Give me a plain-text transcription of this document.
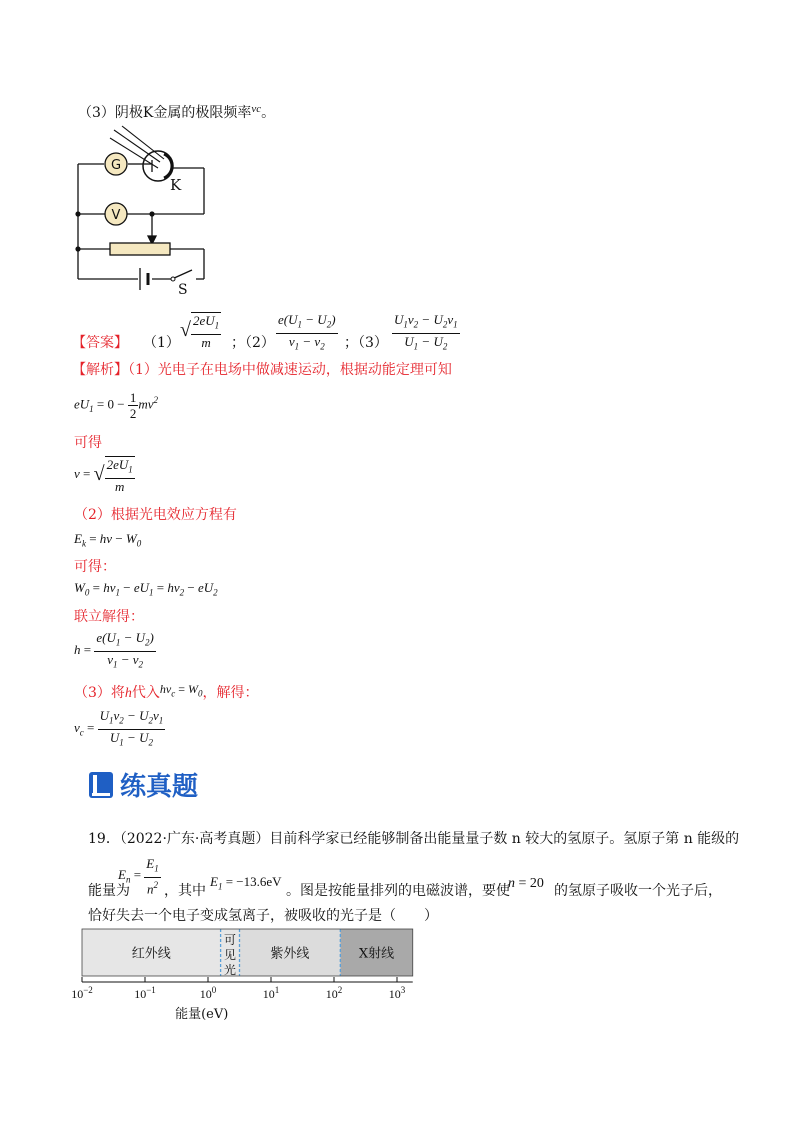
（3）阴极K金属的极限频率$^{\nu c}$。
G
V
K
S
【答案】 （1）
√ $\frac{2eU_1}{m}$ ；$(2) \frac{e(U_1 - U_2)}{\nu_1 - \nu_2}$ ；$(3) \frac{U_1\nu_2 - U_2\nu_1}{U_1 - U_2}$
【解析】（1）光电子在电场中做减速运动，根据动能定理可知
$eU_1 = 0 - \frac{1}{2} mv^2$
可得
v = √ $\frac{2eU_1}{m}$
（2）根据光电效应方程有
$E_k = h\nu - W_0$
可得：
$W_0 = h\nu_1 - eU_1 = h\nu_2 - eU_2$
联立解得：
$h = \frac{e(U_1 - U_2)}{\nu_1 - \nu_2}$
（3）将h代入$h\nu_c = W_0$，解得：
$\nu_c = \frac{U_1\nu_2 - U_2\nu_1}{U_1 - U_2}$
练真题
19．（2022·广东·高考真题）目前科学家已经能够制备出能量量子数 n 较大的氢原子。氢原子第 n 能级的
能量为
$E_n = \frac{E_1}{n^2}$ ，其中
$E_1 = -13.6eV$
。图是按能量排列的电磁波谱，要使
n = 20 的氢原子吸收一个光子后，
恰好失去一个电子变成氢离子，被吸收的光子是（　　）
红外线
可
见
光
紫外线	X射线
$10^{-2}$	$10^{-1}$	$10^0$	$10^1$	$10^2$	$10^3$
能量(eV)
